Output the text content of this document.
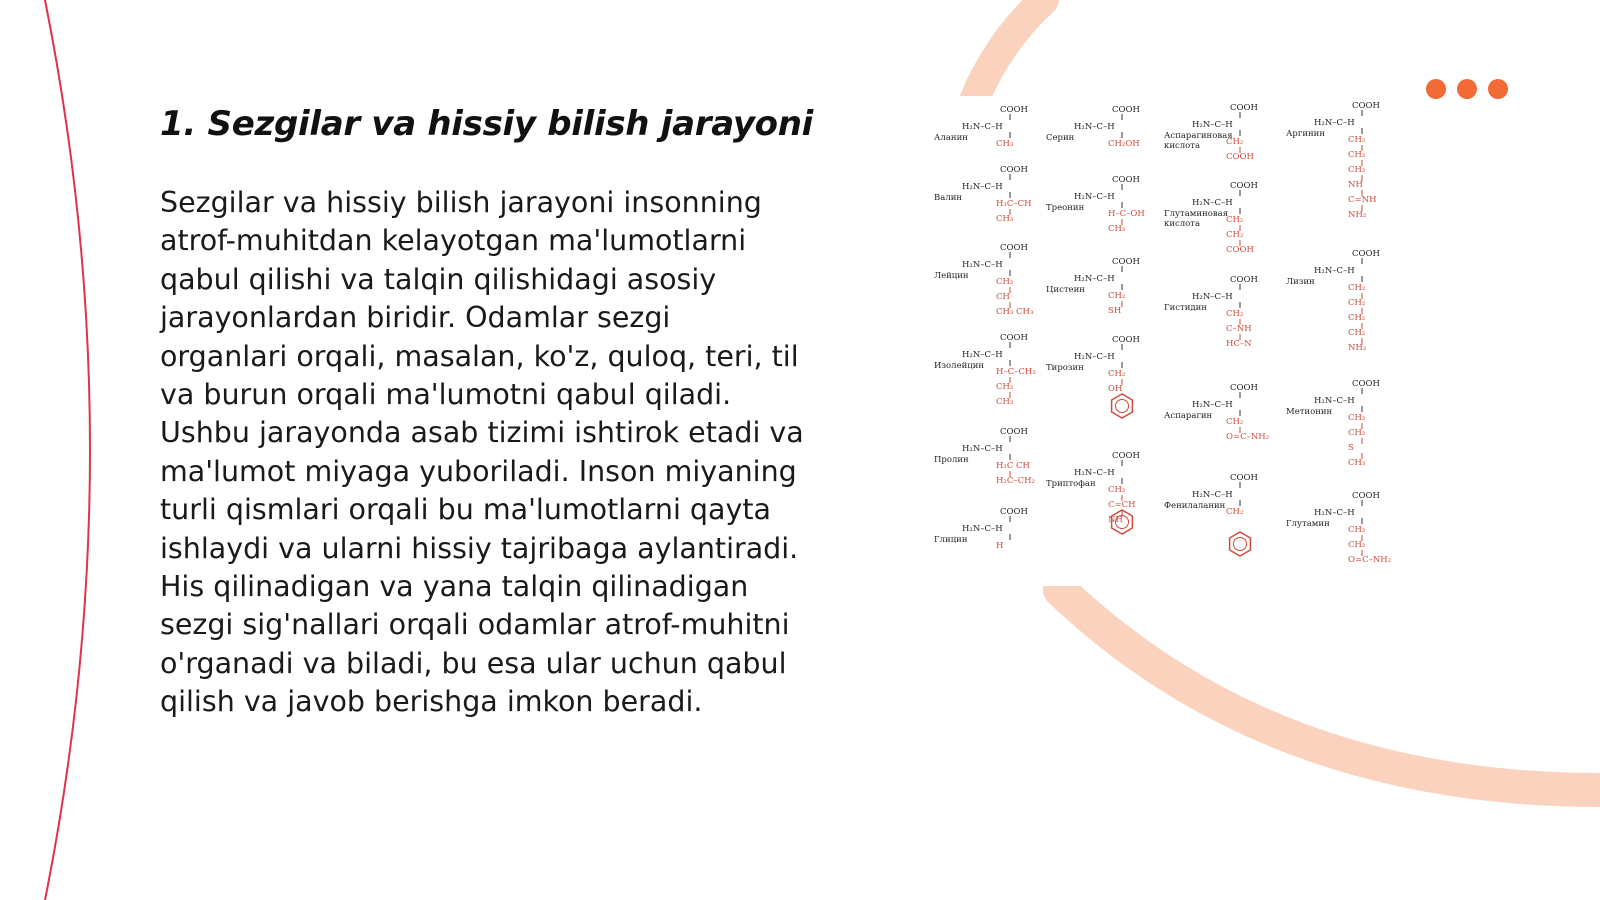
1. Sezgilar va hissiy bilish jarayoni

Sezgilar va hissiy bilish jarayoni insonning
atrof-muhitdan kelayotgan ma'lumotlarni
qabul qilishi va talqin qilishidagi asosiy
jarayonlardan biridir. Odamlar sezgi
organlari orqali, masalan, ko'z, quloq, teri, til
va burun orqali ma'lumotni qabul qiladi.
Ushbu jarayonda asab tizimi ishtirok etadi va
ma'lumot miyaga yuboriladi. Inson miyaning
turli qismlari orqali bu ma'lumotlarni qayta
ishlaydi va ularni hissiy tajribaga aylantiradi.
His qilinadigan va yana talqin qilinadigan
sezgi sig'nallari orqali odamlar atrof-muhitni
o'rganadi va biladi, bu esa ular uchun qabul
qilish va javob berishga imkon beradi.

COOH
H₂N–C–H
CH₃
Аланин
COOH
H₂N–C–H
H₃C–CH
CH₃
Валин
COOH
H₂N–C–H
CH₂
CH
CH₃ CH₃
Лейцин
COOH
H₂N–C–H
H–C–CH₃
CH₂
CH₃
Изолейцин
COOH
H₂N–C–H
H₂C CH
H₂C–CH₂
Пролин
COOH
H₂N–C–H
H
Глицин
COOH
H₂N–C–H
CH₂OH
Серин
COOH
H₂N–C–H
H–C–OH
CH₃
Треонин
COOH
H₂N–C–H
CH₂
SH
Цистеин
COOH
H₂N–C–H
CH₂
OH
Тирозин
COOH
H₂N–C–H
CH₂
C=CH
NH
Триптофан
COOH
H₂N–C–H
CH₂
COOH
Аспарагиновая
кислота
COOH
H₂N–C–H
CH₂
CH₂
COOH
Глутаминовая
кислота
COOH
H₂N–C–H
CH₂
C–NH
HC–N
Гистидин
COOH
H₂N–C–H
CH₂
O=C–NH₂
Аспарагин
COOH
H₂N–C–H
CH₂
Фенилаланин
COOH
H₂N–C–H
CH₂
CH₂
CH₂
NH
C=NH
NH₂
Аргинин
COOH
H₂N–C–H
CH₂
CH₂
CH₂
CH₂
NH₂
Лизин
COOH
H₂N–C–H
CH₂
CH₂
S
CH₃
Метионин
COOH
H₂N–C–H
CH₂
CH₂
O=C–NH₂
Глутамин
